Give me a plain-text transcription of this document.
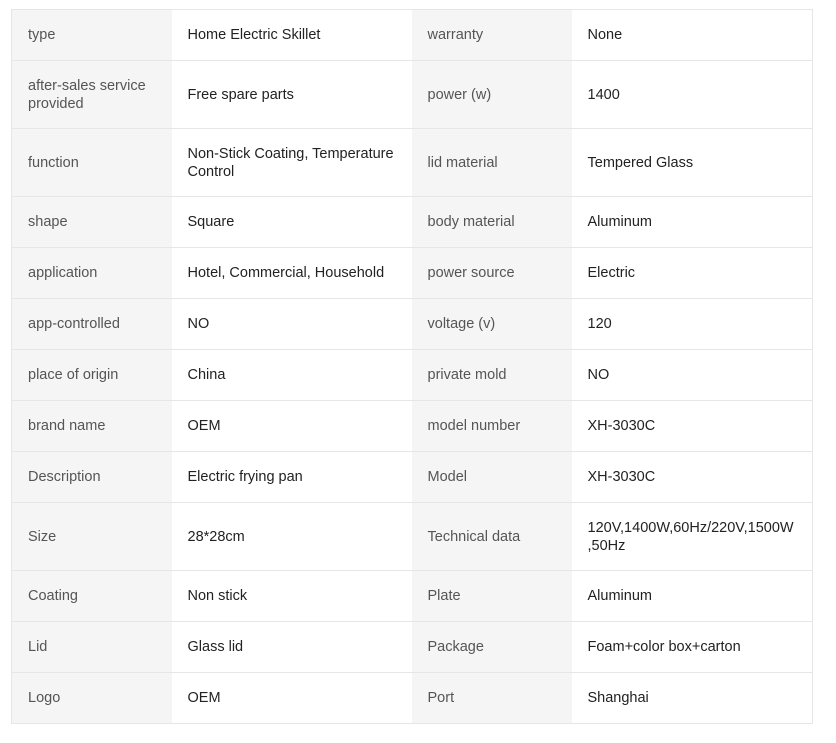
type	Home Electric Skillet	warranty	None
after-sales service provided	Free spare parts	power (w)	1400
function	Non-Stick Coating, Temperature Control	lid material	Tempered Glass
shape	Square	body material	Aluminum
application	Hotel, Commercial, Household	power source	Electric
app-controlled	NO	voltage (v)	120
place of origin	China	private mold	NO
brand name	OEM	model number	XH-3030C
Description	Electric frying pan	Model	XH-3030C
Size	28*28cm	Technical data	120V,1400W,60Hz/220V,1500W,50Hz
Coating	Non stick	Plate	Aluminum
Lid	Glass lid	Package	Foam+color box+carton
Logo	OEM	Port	Shanghai
